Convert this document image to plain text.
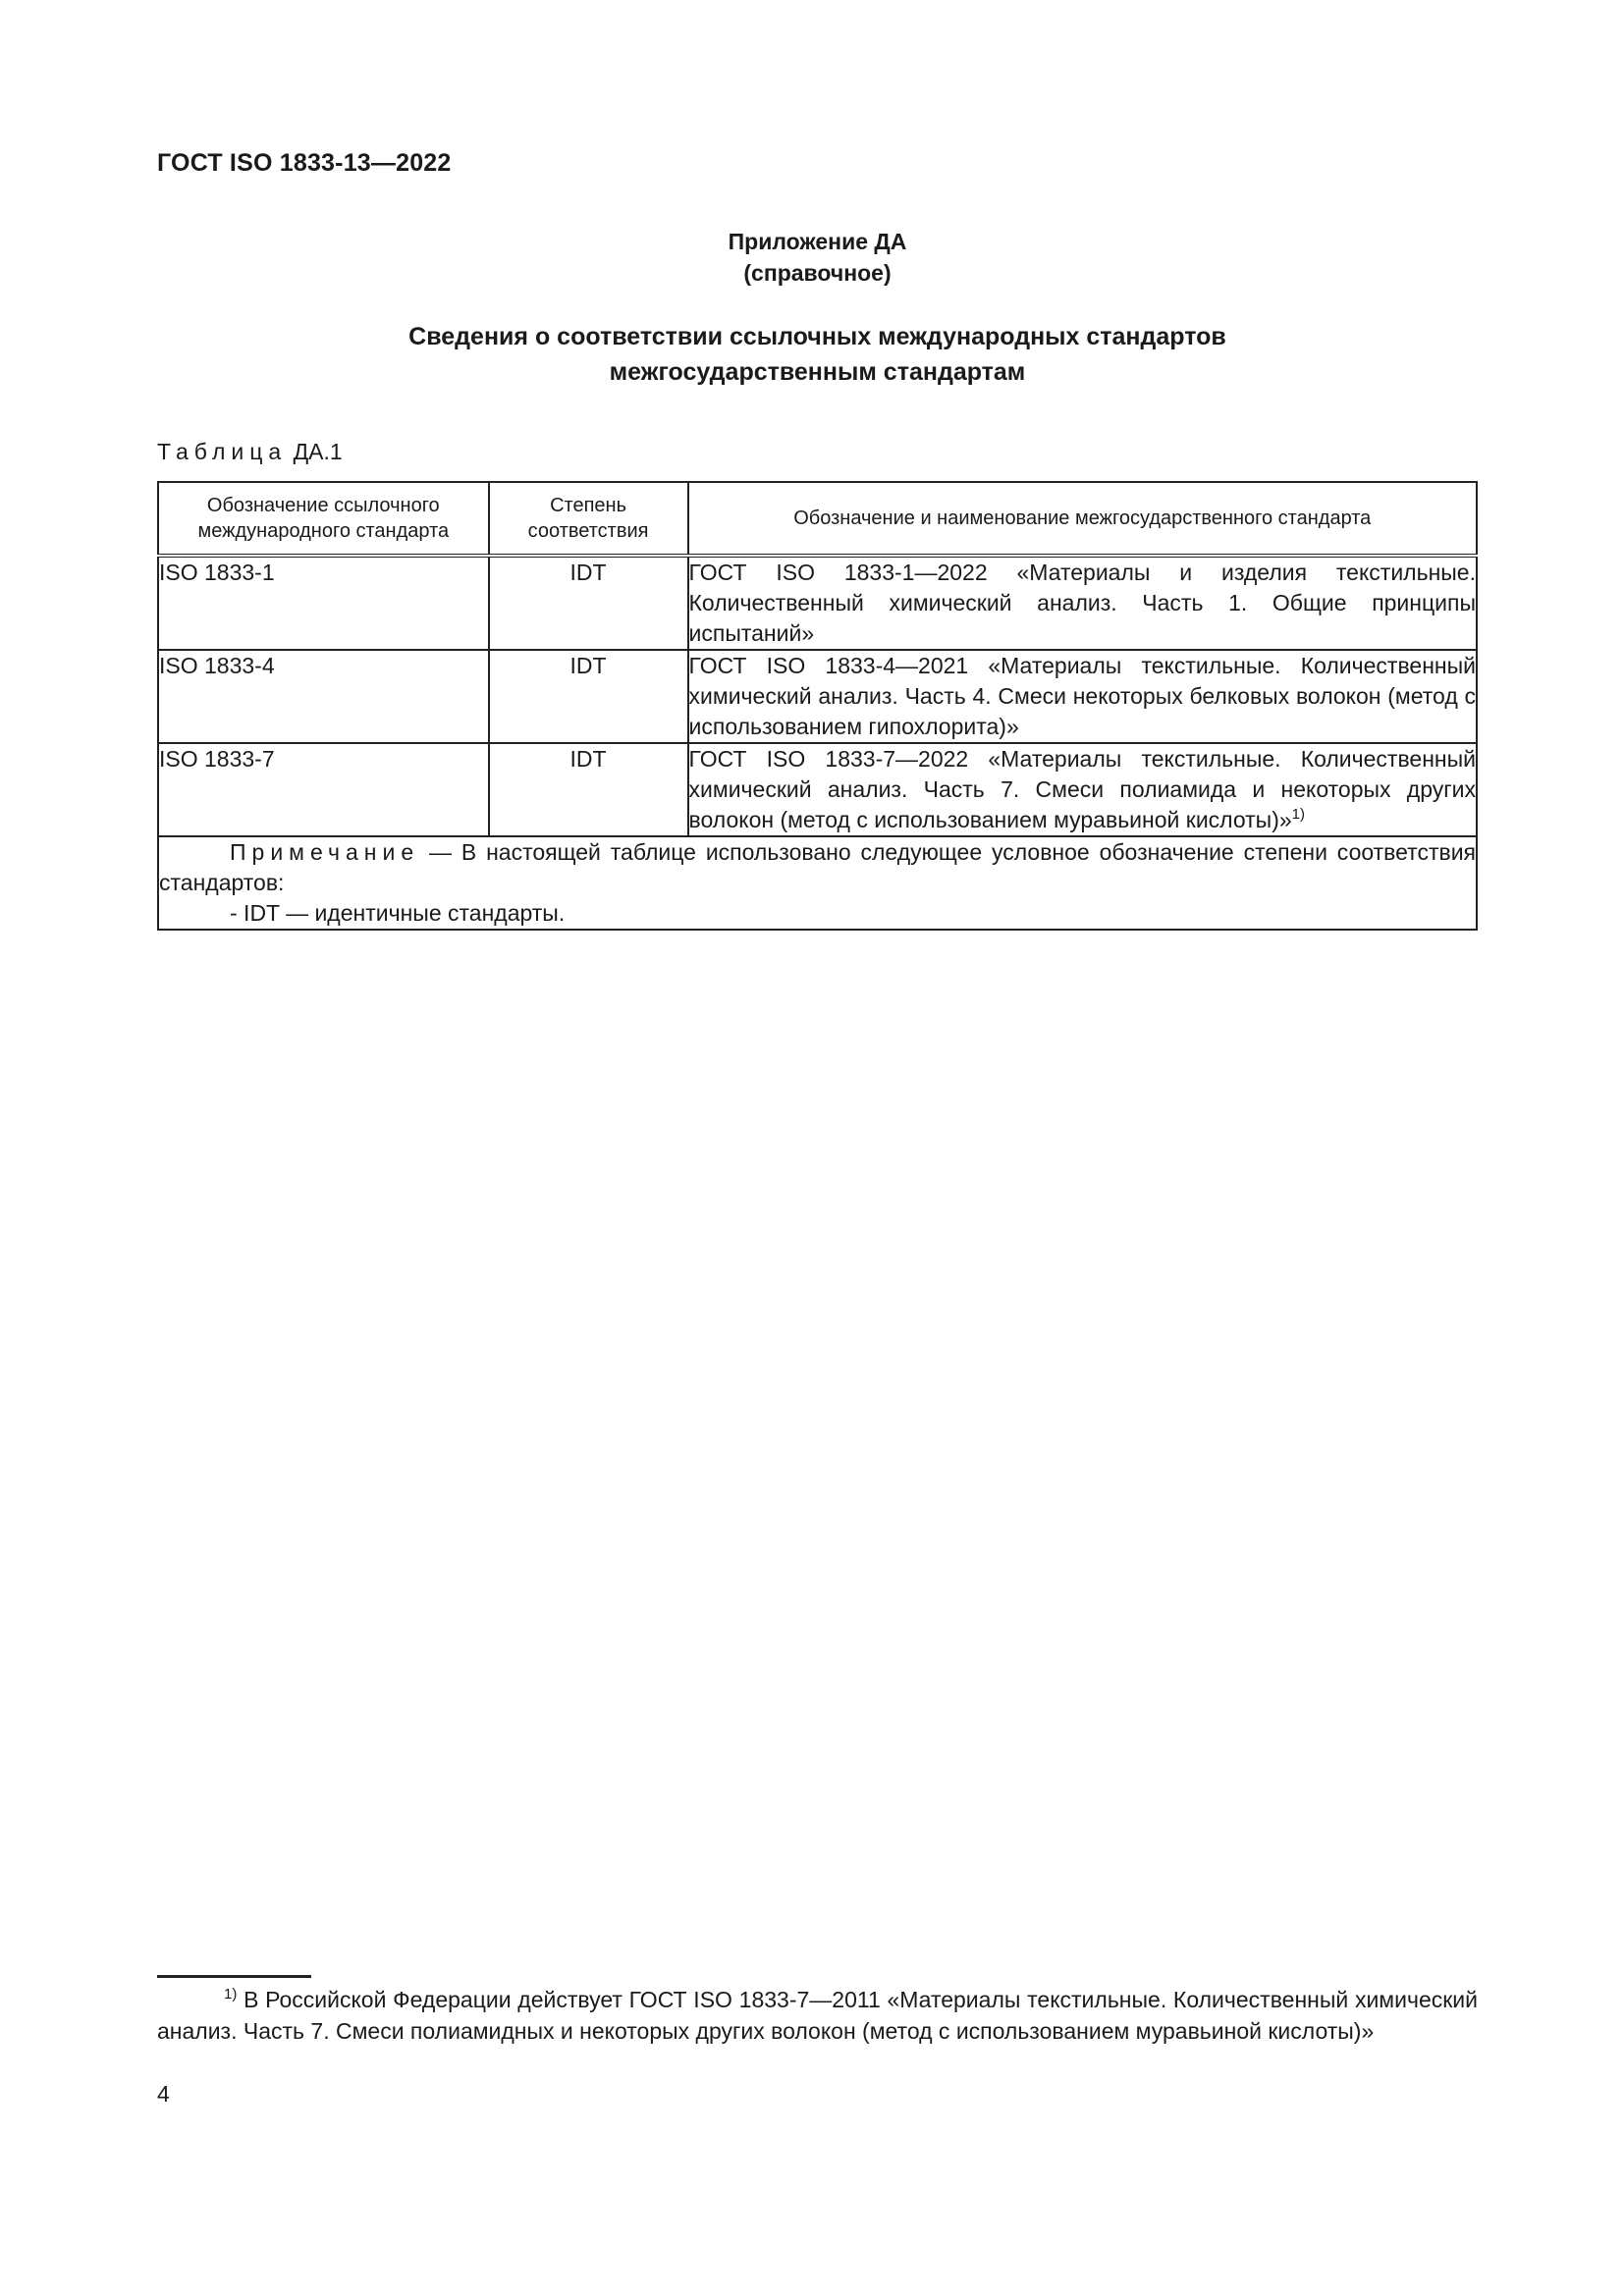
ГОСТ ISO 1833-13—2022
Приложение ДА
(справочное)
Сведения о соответствии ссылочных международных стандартов
межгосударственным стандартам
Таблица ДА.1
Обозначение ссылочного международного стандарта	Степень соответствия	Обозначение и наименование межгосударственного стандарта

ISO 1833-1	IDT	ГОСТ ISO 1833-1—2022 «Материалы и изделия текстильные. Количественный химический анализ. Часть 1. Общие принципы испытаний»
ISO 1833-4	IDT	ГОСТ ISO 1833-4—2021 «Материалы текстильные. Количественный химический анализ. Часть 4. Смеси некоторых белковых волокон (метод с использованием гипохлорита)»
ISO 1833-7	IDT	ГОСТ ISO 1833-7—2022 «Материалы текстильные. Количественный химический анализ. Часть 7. Смеси полиамида и некоторых других волокон (метод с использованием муравьиной кислоты)»$^{1)}$

Примечание — В настоящей таблице использовано следующее условное обозначение степени соответствия стандартов:
- IDT — идентичные стандарты.		
$^{1)}$ В Российской Федерации действует ГОСТ ISO 1833-7—2011 «Материалы текстильные. Количественный химический анализ. Часть 7. Смеси полиамидных и некоторых других волокон (метод с использованием муравьиной кислоты)»
4
